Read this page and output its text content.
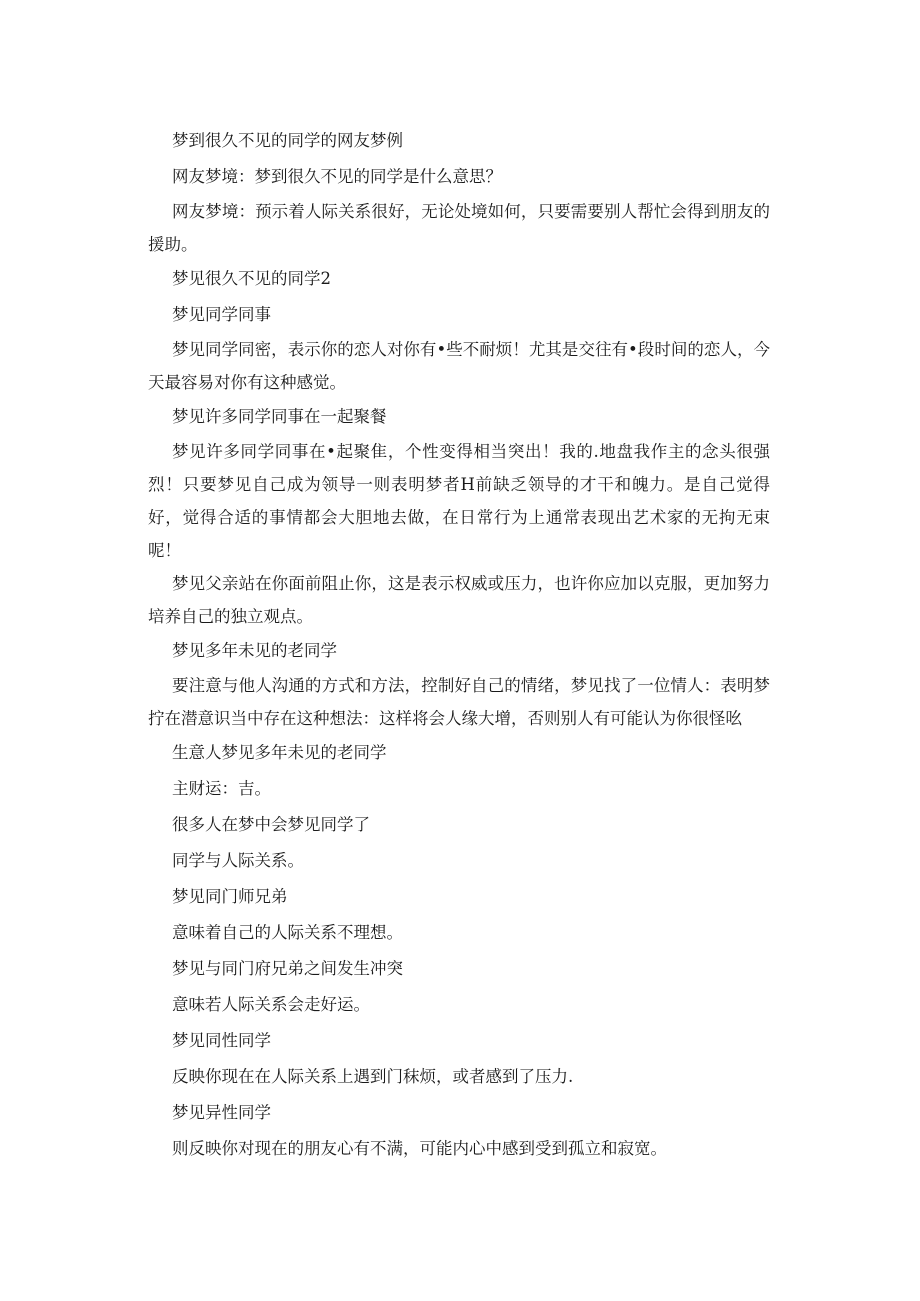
梦到很久不见的同学的网友梦例

网友梦境：梦到很久不见的同学是什么意思？

网友梦境：预示着人际关系很好，无论处境如何，只要需要别人帮忙会得到朋友的援助。

梦见很久不见的同学2

梦见同学同事

梦见同学同密，表示你的恋人对你有•些不耐烦！尤其是交往有•段时间的恋人，今天最容易对你有这种感觉。

梦见许多同学同事在一起聚餐

梦见许多同学同事在•起聚隹，个性变得相当突出！我的.地盘我作主的念头很强烈！只要梦见自己成为领导一则表明梦者H前缺乏领导的才干和魄力。是自己觉得好，觉得合适的事情都会大胆地去做，在日常行为上通常表现出艺术家的无拘无束呢！

梦见父亲站在你面前阻止你，这是表示权威或压力，也许你应加以克服，更加努力培养自己的独立观点。

梦见多年未见的老同学

要注意与他人沟通的方式和方法，控制好自己的情绪，梦见找了一位情人：表明梦拧在潜意识当中存在这种想法：这样将会人缘大增，否则别人有可能认为你很怪吆

生意人梦见多年未见的老同学

主财运：吉。

很多人在梦中会梦见同学了

同学与人际关系。

梦见同门师兄弟

意味着自己的人际关系不理想。

梦见与同门府兄弟之间发生冲突

意味若人际关系会走好运。

梦见同性同学

反映你现在在人际关系上遇到门秣烦，或者感到了压力.

梦见异性同学

则反映你对现在的朋友心有不满，可能内心中感到受到孤立和寂宽。
